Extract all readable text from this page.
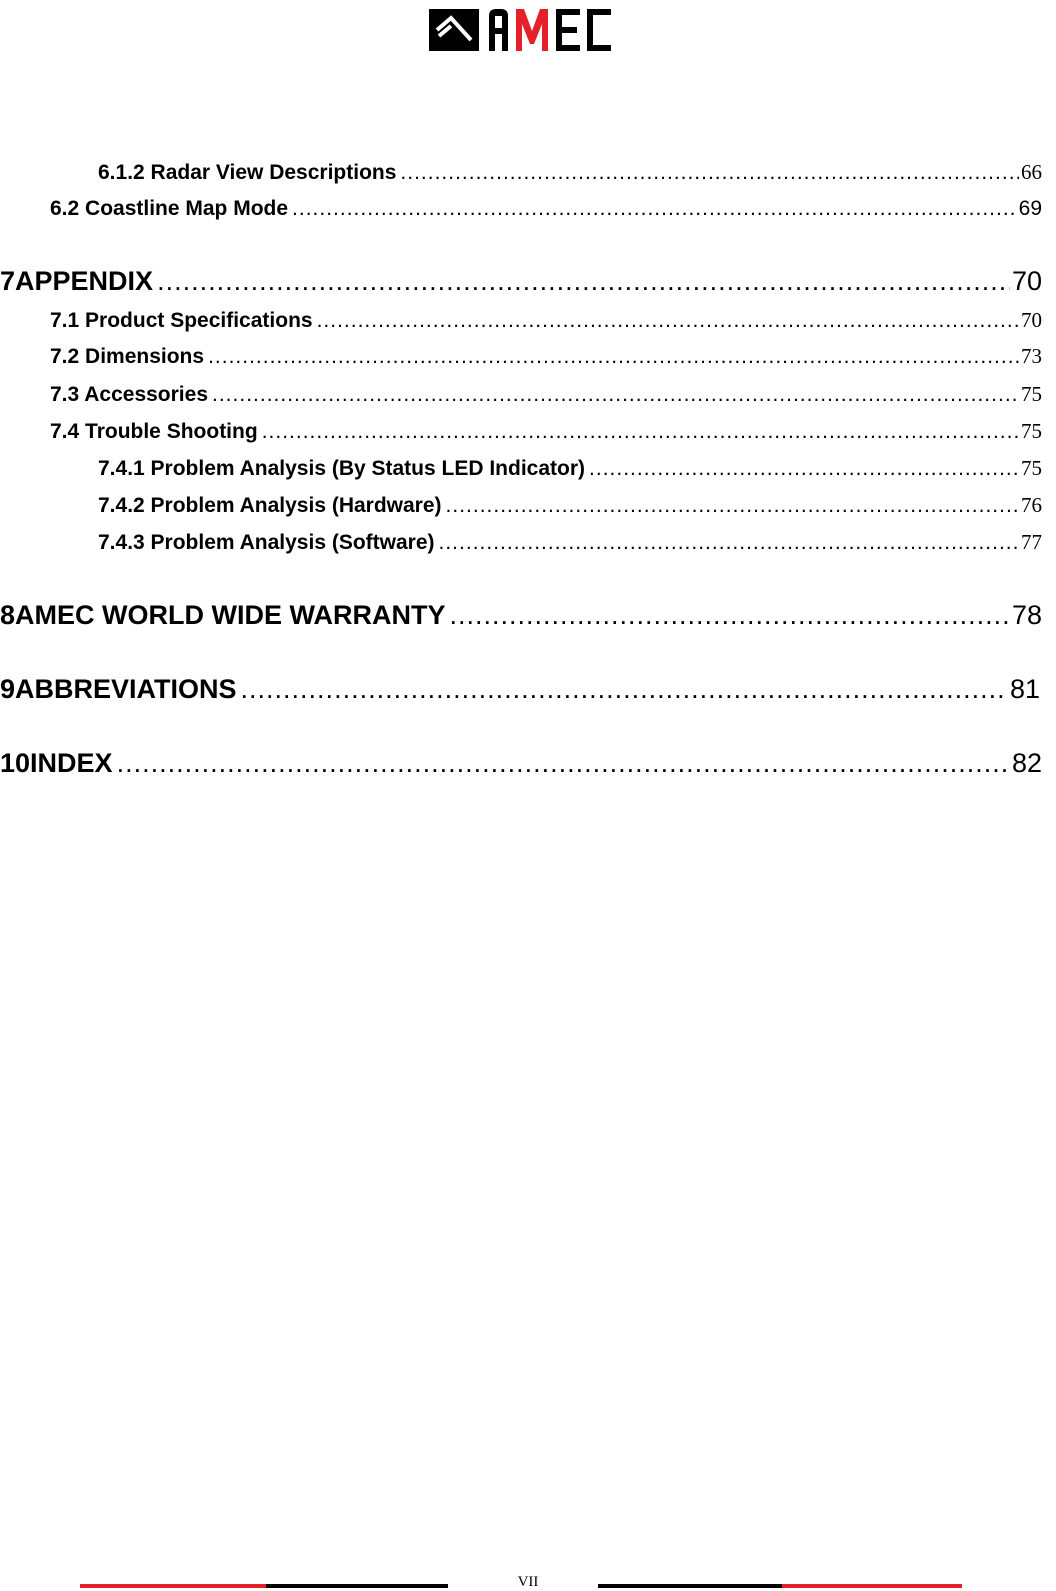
6.1.2 Radar View Descriptions .....	66
6.2 Coastline Map Mode .....	69
7 APPENDIX .....	70
7.1 Product Specifications .....	70
7.2 Dimensions .....	73
7.3 Accessories .....	75
7.4 Trouble Shooting .....	75
7.4.1 Problem Analysis (By Status LED Indicator) .....	75
7.4.2 Problem Analysis (Hardware) .....	76
7.4.3 Problem Analysis (Software) .....	77
8 AMEC WORLD WIDE WARRANTY .....	78
9 ABBREVIATIONS .....	81
10 INDEX .....	82
VII
